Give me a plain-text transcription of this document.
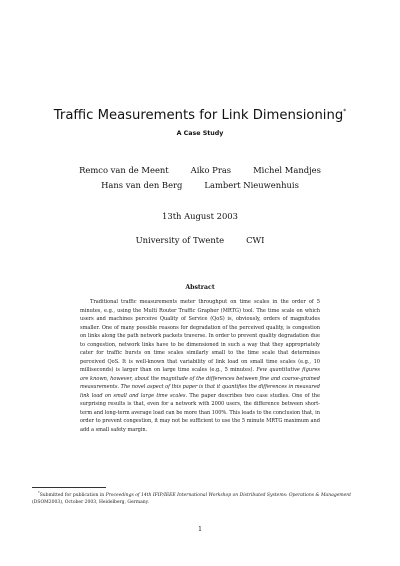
Traffic Measurements for Link Dimensioning*
A Case Study
Remco van de Meent	Aiko Pras	Michel Mandjes
Hans van den Berg	Lambert Nieuwenhuis
13th August 2003
University of Twente	CWI
Abstract
Traditional traffic measurements meter throughput on time scales in the order of 5 minutes, e.g., using the Multi Router Traffic Grapher (MRTG) tool. The time scale on which users and machines perceive Quality of Service (QoS) is, obviously, orders of magnitudes smaller. One of many possible reasons for degradation of the perceived quality, is congestion on links along the path network packets traverse. In order to prevent quality degradation due to congestion, network links have to be dimensioned in such a way that they appropriately cater for traffic bursts on time scales similarly small to the time scale that determines perceived QoS. It is well-known that variability of link load on small time scales (e.g., 10 milliseconds) is larger than on large time scales (e.g., 5 minutes). Few quantitative figures are known, however, about the magnitude of the differences between fine and coarse-grained measurements. The novel aspect of this paper is that it quantifies the differences in measured link load on small and large time scales. The paper describes two case studies. One of the surprising results is that, even for a network with 2000 users, the difference between short-term and long-term average load can be more than 100%. This leads to the conclusion that, in order to prevent congestion, it may not be sufficient to use the 5 minute MRTG maximum and add a small safety margin.
*Submitted for publication in Proceedings of 14th IFIP/IEEE International Workshop on Distributed Systems: Operations & Management (DSOM2003), October 2003, Heidelberg, Germany.
1
